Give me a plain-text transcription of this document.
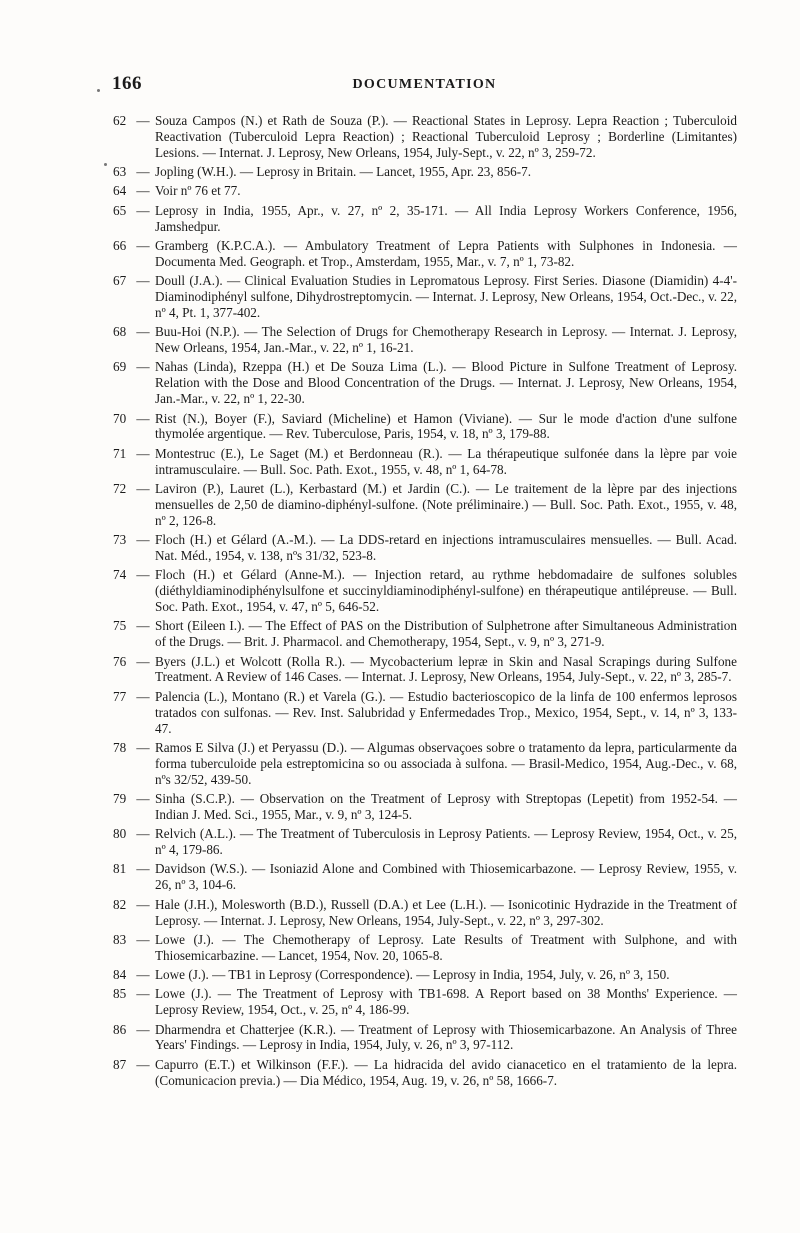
166	DOCUMENTATION
62 — Souza Campos (N.) et Rath de Souza (P.). — Reactional States in Leprosy. Lepra Reaction ; Tuberculoid Reactivation (Tuberculoid Lepra Reaction) ; Reactional Tuberculoid Leprosy ; Borderline (Limitantes) Lesions. — Internat. J. Leprosy, New Orleans, 1954, July-Sept., v. 22, nº 3, 259-72.
63 — Jopling (W.H.). — Leprosy in Britain. — Lancet, 1955, Apr. 23, 856-7.
64 — Voir nº 76 et 77.
65 — Leprosy in India, 1955, Apr., v. 27, nº 2, 35-171. — All India Leprosy Workers Conference, 1956, Jamshedpur.
66 — Gramberg (K.P.C.A.). — Ambulatory Treatment of Lepra Patients with Sulphones in Indonesia. — Documenta Med. Geograph. et Trop., Amsterdam, 1955, Mar., v. 7, nº 1, 73-82.
67 — Doull (J.A.). — Clinical Evaluation Studies in Lepromatous Leprosy. First Series. Diasone (Diamidin) 4-4'-Diaminodiphényl sulfone, Dihydrostreptomycin. — Internat. J. Leprosy, New Orleans, 1954, Oct.-Dec., v. 22, nº 4, Pt. 1, 377-402.
68 — Buu-Hoi (N.P.). — The Selection of Drugs for Chemotherapy Research in Leprosy. — Internat. J. Leprosy, New Orleans, 1954, Jan.-Mar., v. 22, nº 1, 16-21.
69 — Nahas (Linda), Rzeppa (H.) et De Souza Lima (L.). — Blood Picture in Sulfone Treatment of Leprosy. Relation with the Dose and Blood Concentration of the Drugs. — Internat. J. Leprosy, New Orleans, 1954, Jan.-Mar., v. 22, nº 1, 22-30.
70 — Rist (N.), Boyer (F.), Saviard (Micheline) et Hamon (Viviane). — Sur le mode d'action d'une sulfone thymolée argentique. — Rev. Tuberculose, Paris, 1954, v. 18, nº 3, 179-88.
71 — Montestruc (E.), Le Saget (M.) et Berdonneau (R.). — La thérapeutique sulfonée dans la lèpre par voie intramusculaire. — Bull. Soc. Path. Exot., 1955, v. 48, nº 1, 64-78.
72 — Laviron (P.), Lauret (L.), Kerbastard (M.) et Jardin (C.). — Le traitement de la lèpre par des injections mensuelles de 2,50 de diamino-diphényl-sulfone. (Note préliminaire.) — Bull. Soc. Path. Exot., 1955, v. 48, nº 2, 126-8.
73 — Floch (H.) et Gélard (A.-M.). — La DDS-retard en injections intramusculaires mensuelles. — Bull. Acad. Nat. Méd., 1954, v. 138, nºs 31/32, 523-8.
74 — Floch (H.) et Gélard (Anne-M.). — Injection retard, au rythme hebdomadaire de sulfones solubles (diéthyldiaminodiphénylsulfone et succinyldiaminodiphényl-sulfone) en thérapeutique antilépreuse. — Bull. Soc. Path. Exot., 1954, v. 47, nº 5, 646-52.
75 — Short (Eileen I.). — The Effect of PAS on the Distribution of Sulphetrone after Simultaneous Administration of the Drugs. — Brit. J. Pharmacol. and Chemotherapy, 1954, Sept., v. 9, nº 3, 271-9.
76 — Byers (J.L.) et Wolcott (Rolla R.). — Mycobacterium lepræ in Skin and Nasal Scrapings during Sulfone Treatment. A Review of 146 Cases. — Internat. J. Leprosy, New Orleans, 1954, July-Sept., v. 22, nº 3, 285-7.
77 — Palencia (L.), Montano (R.) et Varela (G.). — Estudio bacterioscopico de la linfa de 100 enfermos leprosos tratados con sulfonas. — Rev. Inst. Salubridad y Enfermedades Trop., Mexico, 1954, Sept., v. 14, nº 3, 133-47.
78 — Ramos E Silva (J.) et Peryassu (D.). — Algumas observaçoes sobre o tratamento da lepra, particularmente da forma tuberculoide pela estreptomicina so ou associada à sulfona. — Brasil-Medico, 1954, Aug.-Dec., v. 68, nºs 32/52, 439-50.
79 — Sinha (S.C.P.). — Observation on the Treatment of Leprosy with Streptopas (Lepetit) from 1952-54. — Indian J. Med. Sci., 1955, Mar., v. 9, nº 3, 124-5.
80 — Relvich (A.L.). — The Treatment of Tuberculosis in Leprosy Patients. — Leprosy Review, 1954, Oct., v. 25, nº 4, 179-86.
81 — Davidson (W.S.). — Isoniazid Alone and Combined with Thiosemicarbazone. — Leprosy Review, 1955, v. 26, nº 3, 104-6.
82 — Hale (J.H.), Molesworth (B.D.), Russell (D.A.) et Lee (L.H.). — Isonicotinic Hydrazide in the Treatment of Leprosy. — Internat. J. Leprosy, New Orleans, 1954, July-Sept., v. 22, nº 3, 297-302.
83 — Lowe (J.). — The Chemotherapy of Leprosy. Late Results of Treatment with Sulphone, and with Thiosemicarbazine. — Lancet, 1954, Nov. 20, 1065-8.
84 — Lowe (J.). — TB1 in Leprosy (Correspondence). — Leprosy in India, 1954, July, v. 26, nº 3, 150.
85 — Lowe (J.). — The Treatment of Leprosy with TB1-698. A Report based on 38 Months' Experience. — Leprosy Review, 1954, Oct., v. 25, nº 4, 186-99.
86 — Dharmendra et Chatterjee (K.R.). — Treatment of Leprosy with Thiosemicarbazone. An Analysis of Three Years' Findings. — Leprosy in India, 1954, July, v. 26, nº 3, 97-112.
87 — Capurro (E.T.) et Wilkinson (F.F.). — La hidracida del avido cianacetico en el tratamiento de la lepra. (Comunicacion previa.) — Dia Médico, 1954, Aug. 19, v. 26, nº 58, 1666-7.
